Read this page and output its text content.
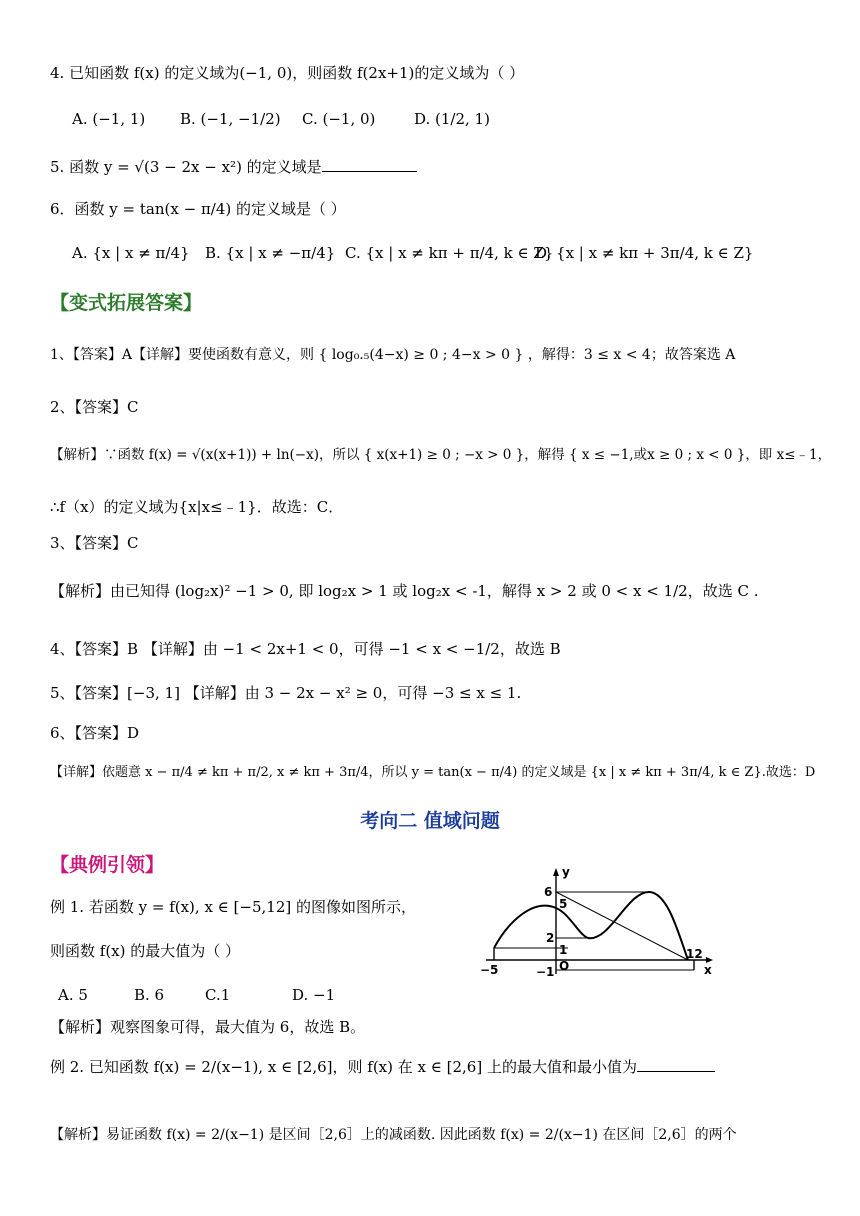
4. 已知函数 f(x) 的定义域为(−1, 0)，则函数 f(2x+1)的定义域为（ ）
A. (−1, 1) B. (−1, −1/2) C. (−1, 0)	D. (1/2, 1)
5. 函数 y = √(3 − 2x − x²) 的定义域是
6．函数 y = tan(x − π/4) 的定义域是（ ）
A. {x | x ≠ π/4} B. {x | x ≠ −π/4} C. {x | x ≠ kπ + π/4, k ∈ Z}
D. {x | x ≠ kπ + 3π/4, k ∈ Z}
【变式拓展答案】
1、【答案】A【详解】要使函数有意义，则 { log₀.₅(4−x) ≥ 0 ; 4−x > 0 } ，解得：3 ≤ x < 4；故答案选 A
2、【答案】C
【解析】∵函数 f(x) = √(x(x+1)) + ln(−x)，所以 { x(x+1) ≥ 0 ; −x > 0 }，解得 { x ≤ −1,或x ≥ 0 ; x < 0 }，即 x≤﹣1，
∴f（x）的定义域为{x|x≤﹣1}．故选：C．
3、【答案】C
【解析】由已知得 (log₂x)² −1 > 0, 即 log₂x > 1 或 log₂x < -1，解得 x > 2 或 0 < x < 1/2，故选 C .
4、【答案】B 【详解】由 −1 < 2x+1 < 0，可得 −1 < x < −1/2，故选 B
5、【答案】[−3, 1] 【详解】由 3 − 2x − x² ≥ 0，可得 −3 ≤ x ≤ 1.
6、【答案】D
【详解】依题意 x − π/4 ≠ kπ + π/2, x ≠ kπ + 3π/4，所以 y = tan(x − π/4) 的定义域是 {x | x ≠ kπ + 3π/4, k ∈ Z}.故选：D
考向二 值域问题
【典例引领】
例 1. 若函数 y = f(x), x ∈ [−5,12] 的图像如图所示，
则函数 f(x) 的最大值为（ ）
A. 5	B. 6	C.1	D. −1
【解析】观察图象可得，最大值为 6，故选 B。
y
x
6
5
2
1
O
−5	−1
12
例 2. 已知函数 f(x) = 2/(x−1), x ∈ [2,6]，则 f(x) 在 x ∈ [2,6] 上的最大值和最小值为
【解析】易证函数 f(x) = 2/(x−1) 是区间［2,6］上的减函数. 因此函数 f(x) = 2/(x−1) 在区间［2,6］的两个
